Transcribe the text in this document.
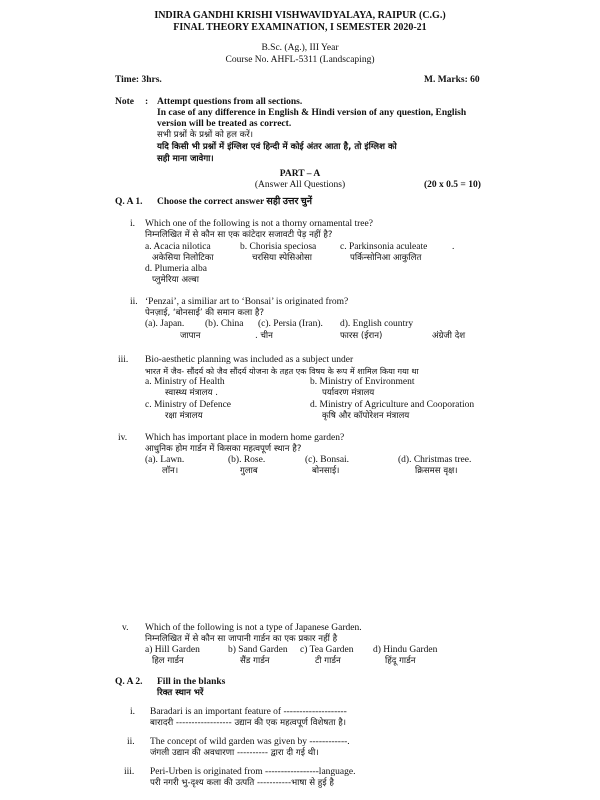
INDIRA GANDHI KRISHI VISHWAVIDYALAYA, RAIPUR (C.G.)
FINAL THEORY EXAMINATION, I SEMESTER 2020-21
B.Sc. (Ag.), III Year
Course No. AHFL-5311 (Landscaping)
Time: 3hrs.	M. Marks: 60
Note : Attempt questions from all sections.
In case of any difference in English & Hindi version of any question, English
version will be treated as correct.
सभी प्रश्नों के प्रश्नों को हल करें।
यदि किसी भी प्रश्नों में इंग्लिश एवं हिन्दी में कोई अंतर आता है, तो इंग्लिश को
सही माना जावेगा।
PART – A
(Answer All Questions)	(20 x 0.5 = 10)
Q. A 1. Choose the correct answer सही उत्तर चुनें
i. Which one of the following is not a thorny ornamental tree?
निम्नलिखित में से कौन सा एक कांटेदार सजावटी पेड़ नहीं है?
a. Acacia nilotica	b. Chorisia speciosa c. Parkinsonia aculeate	.
अकेसिया निलोटिका	चरसिया स्पेसिओसा	पर्किन्सोनिआ आकुलित
d. Plumeria alba
प्लुमेरिया अल्बा
ii. ‘Penzai’, a similiar art to ‘Bonsai’ is originated from?
पेनज़ाई, ‘बोनसाई’ की समान कला है?
(a). Japan. (b). China (c). Persia (Iran). d). English country
जापान	. चीन	फारस (ईरान)	अंग्रेजी देश
iii. Bio-aesthetic planning was included as a subject under
भारत में जैव- सौंदर्य को जैव सौंदर्य योजना के तहत एक विषय के रूप में शामिल किया गया था
a. Ministry of Health	b. Ministry of Environment
स्वास्थ्य मंत्रालय .	पर्यावरण मंत्रालय
c. Ministry of Defence	d. Ministry of Agriculture and Cooporation
रक्षा मंत्रालय	कृषि और कॉपोरेशन मंत्रालय
iv. Which has important place in modern home garden?
आधुनिक होम गार्डन में किसका महत्वपूर्ण स्थान है?
(a). Lawn.	(b). Rose.	(c). Bonsai.	(d). Christmas tree.
लॉन।	गुलाब	बोनसाई।	क्रिसमस वृक्ष।
v. Which of the following is not a type of Japanese Garden.
निम्नलिखित में से कौन सा जापानी गार्डन का एक प्रकार नहीं है
a) Hill Garden	b) Sand Garden c) Tea Garden d) Hindu Garden
हिल गार्डन	सैंड गार्डन	टी गार्डन	हिंदू गार्डन
Q. A 2. Fill in the blanks
रिक्त स्थान भरें
i. Baradari is an important feature of --------------------
बारादरी ------------------ उद्यान की एक महत्वपूर्ण विशेषता है।
ii. The concept of wild garden was given by ------------.
जंगली उद्यान की अवधारणा ---------- द्वारा दी गई थी।
iii. Peri-Urben is originated from -----------------language.
परी नगरी भु-दृश्य कला की उत्पति -----------भाषा से हुई है
